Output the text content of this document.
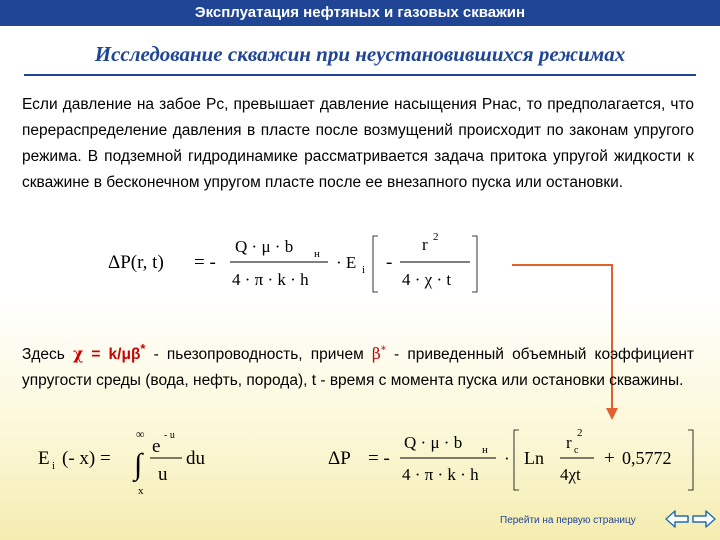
Эксплуатация нефтяных и газовых скважин
Исследование скважин при неустановившихся режимах
Если давление на забое Рс, превышает давление насыщения Рнас, то предполагается, что перераспределение давления в пласте после возмущений происходит по законам упругого режима. В подземной гидродинамике рассматривается задача притока упругой жидкости к скважине в бесконечном упругом пласте после ее внезапного пуска или остановки.
ΔP(r, t) = -
Q · μ · b н
4 · π · k · h
· E i -
r 2
4 · χ · t
Здесь χ = k/μβ* - пьезопроводность, причем β* - приведенный объемный коэффициент упругости среды (вода, нефть, порода), t - время с момента пуска или остановки скважины.
E i (- x) =
∞
∫
x
e
- u
u
du	ΔP = -
Q · μ · b н
4 · π · k · h
· Ln
r c
2
4χt
+ 0,5772
Перейти на первую страницу
